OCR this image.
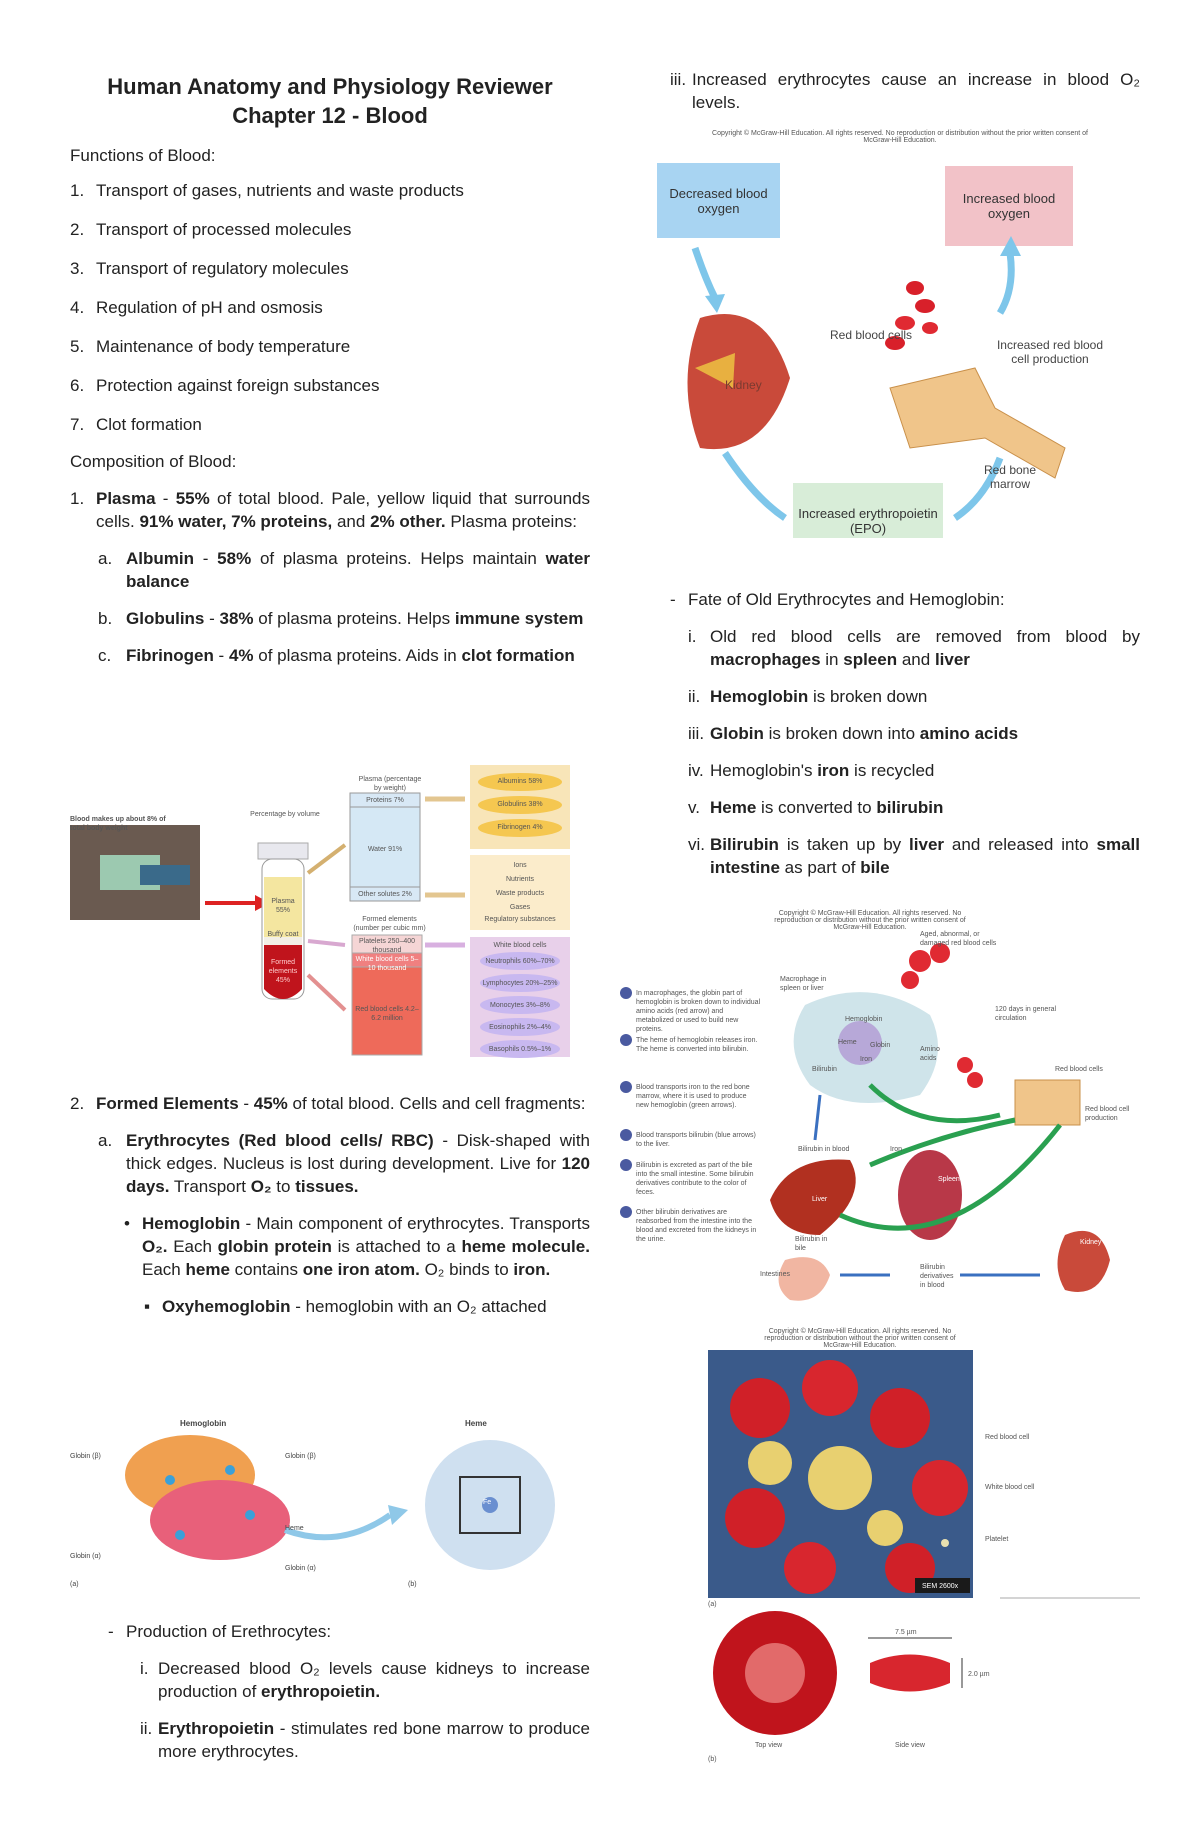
Human Anatomy and Physiology Reviewer
Chapter 12 - Blood

Functions of Blood:

1. Transport of gases, nutrients and waste products
2. Transport of processed molecules
3. Transport of regulatory molecules
4. Regulation of pH and osmosis
5. Maintenance of body temperature
6. Protection against foreign substances
7. Clot formation

Composition of Blood:

1. Plasma - 55% of total blood. Pale, yellow liquid that surrounds cells. 91% water, 7% proteins, and 2% other. Plasma proteins:
a. Albumin - 58% of plasma proteins. Helps maintain water balance
b. Globulins - 38% of plasma proteins. Helps immune system
c. Fibrinogen - 4% of plasma proteins. Aids in clot formation
Plasma (percentage by weight)
Proteins 7%
Water 91%
Other solutes 2%
Percentage by volume
Plasma 55%
Buffy coat
Formed elements 45%
Blood makes up about 8% of total body weight
Formed elements (number per cubic mm)
Platelets 250–400 thousand
White blood cells 5–10 thousand
Red blood cells 4.2–6.2 million
Albumins 58%
Globulins 38%
Fibrinogen 4%
Ions
Nutrients
Waste products
Gases
Regulatory substances
White blood cells
Neutrophils 60%–70%
Lymphocytes 20%–25%
Monocytes 3%–8%
Eosinophils 2%–4%
Basophils 0.5%–1%
2. Formed Elements - 45% of total blood. Cells and cell fragments:
a. Erythrocytes (Red blood cells/ RBC) - Disk-shaped with thick edges. Nucleus is lost during development. Live for 120 days. Transport O₂ to tissues.
• Hemoglobin - Main component of erythrocytes. Transports O₂. Each globin protein is attached to a heme molecule. Each heme contains one iron atom. O₂ binds to iron.
▪ Oxyhemoglobin - hemoglobin with an O₂ attached
Hemoglobin	Heme
Globin (β)	Globin (β)
Globin (α)
Globin (α)
Heme
Fe
(a)	(b)
- Production of Erethrocytes:
i. Decreased blood O₂ levels cause kidneys to increase production of erythropoietin.
ii. Erythropoietin - stimulates red bone marrow to produce more erythrocytes.
iii. Increased erythrocytes cause an increase in blood O₂ levels.
Copyright © McGraw-Hill Education. All rights reserved. No reproduction or distribution without the prior written consent of McGraw-Hill Education.
Decreased blood oxygen
Increased blood oxygen
Increased erythropoietin (EPO)
Kidney
Red blood cells
Increased red blood cell production
Red bone marrow
- Fate of Old Erythrocytes and Hemoglobin:
i. Old red blood cells are removed from blood by macrophages in spleen and liver
ii. Hemoglobin is broken down
iii. Globin is broken down into amino acids
iv. Hemoglobin's iron is recycled
v. Heme is converted to bilirubin
vi. Bilirubin is taken up by liver and released into small intestine as part of bile
Copyright © McGraw-Hill Education. All rights reserved. No reproduction or distribution without the prior written consent of McGraw-Hill Education.
In macrophages, the globin part of hemoglobin is broken down to individual amino acids (red arrow) and metabolized or used to build new proteins.
The heme of hemoglobin releases iron. The heme is converted into bilirubin.
Blood transports iron to the red bone marrow, where it is used to produce new hemoglobin (green arrows).
Blood transports bilirubin (blue arrows) to the liver.
Bilirubin is excreted as part of the bile into the small intestine. Some bilirubin derivatives contribute to the color of feces.
Other bilirubin derivatives are reabsorbed from the intestine into the blood and excreted from the kidneys in the urine.
Aged, abnormal, or damaged red blood cells
Macrophage in spleen or liver
Hemoglobin
Heme Globin
Amino acids
Bilirubin
Iron
120 days in general circulation
Red blood cells
Red blood cell production
Bilirubin in blood	Iron
Liver
Spleen
Bilirubin in bile
Intestines
Bilirubin derivatives in blood
Kidney
Copyright © McGraw-Hill Education. All rights reserved. No reproduction or distribution without the prior written consent of McGraw-Hill Education.
Red blood cell
White blood cell
Platelet
SEM 2600x
(a)
7.5 µm
2.0 µm
Top view	Side view
(b)
